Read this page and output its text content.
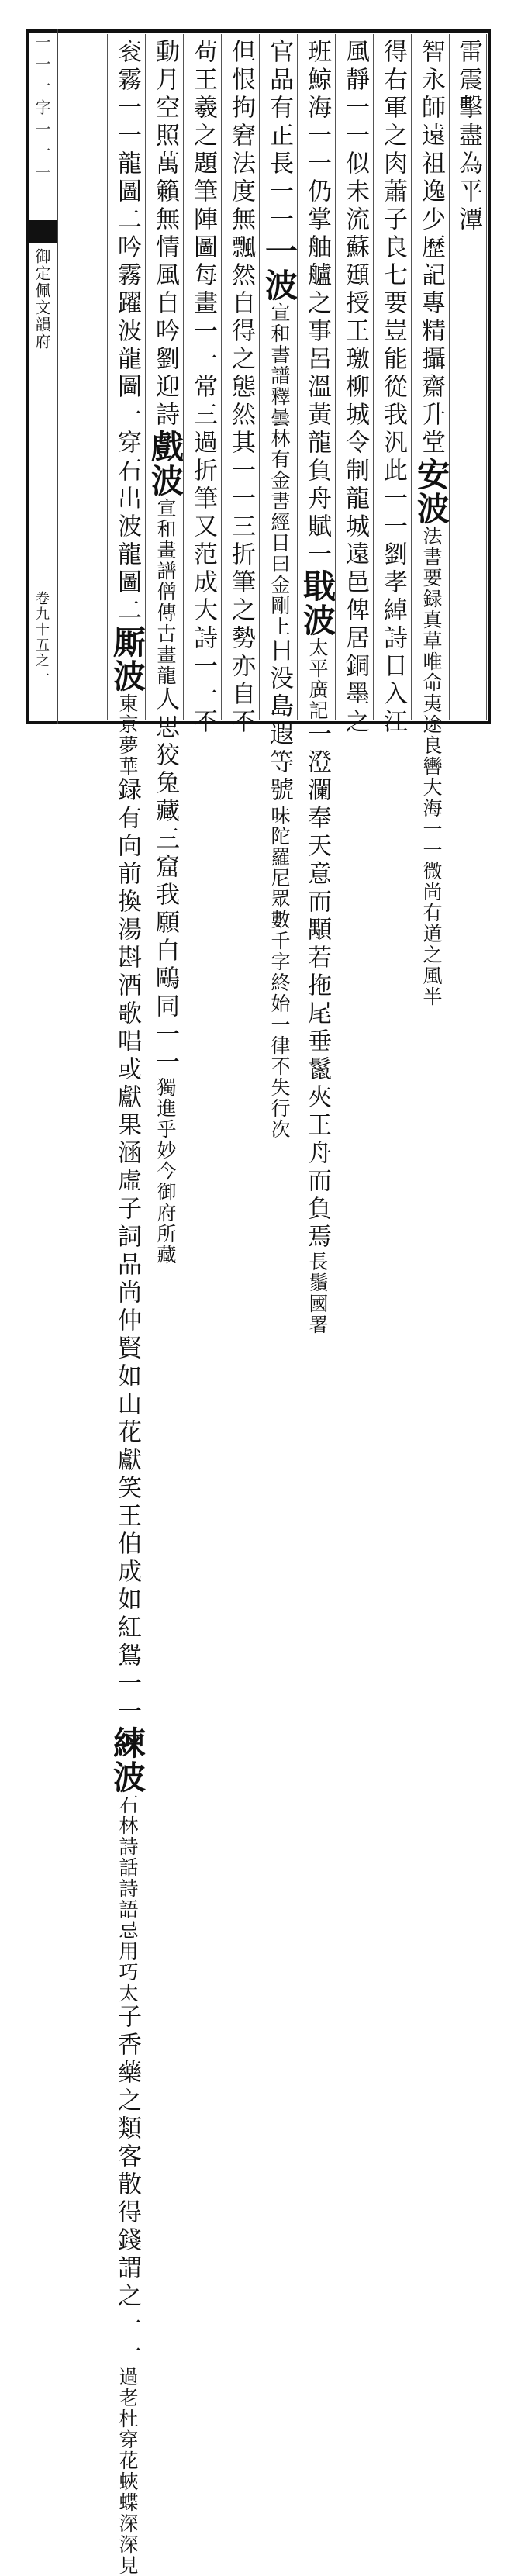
一一一字一一一
御定佩文韻府
卷九十五之一
雷震擊盡為平潭
智永師遠祖逸少歷記專精攝齋升堂安波法書要録真草唯命夷途良轡大海一一微尚有道之風半
得右軍之肉蕭子良七要豈能從我汎此一一劉孝綽詩日入江
風靜一一似未流蘇頲授王璬柳城令制龍城遠邑俾居銅墨之
班鯨海一一仍掌舳艫之事呂溫黃龍負舟賦一戢波太平廣記一澄瀾奉天意而顒若拖尾垂鬣夾王舟而負焉長鬚國署
官品有正長一一一波宣和書譜釋曇林有金書經目曰金剛上日没島遐等號味陀羅尼眾數千字終始一律不失行次
但恨拘窘法度無飄然自得之態然其一一三折筆之勢亦自不
苟王羲之題筆陣圖每畫一一常三過折筆又范成大詩一一不
動月空照萬籟無情風自吟劉迎詩戲波宣和畫譜僧傳古畫龍人思狡兔藏三窟我願白鷗同一一獨進乎妙今御府所藏
衮霧一一龍圖二吟霧躍波龍圖一穿石出波龍圖二厮波東京夢華録有向前換湯斟酒歌唱或獻果涵虛子詞品尚仲賢如山花獻笑王伯成如紅鴛一一練波石林詩話詩語忌用巧太子香藥之類客散得錢謂之一一過老杜穿花蛺蝶深深見
